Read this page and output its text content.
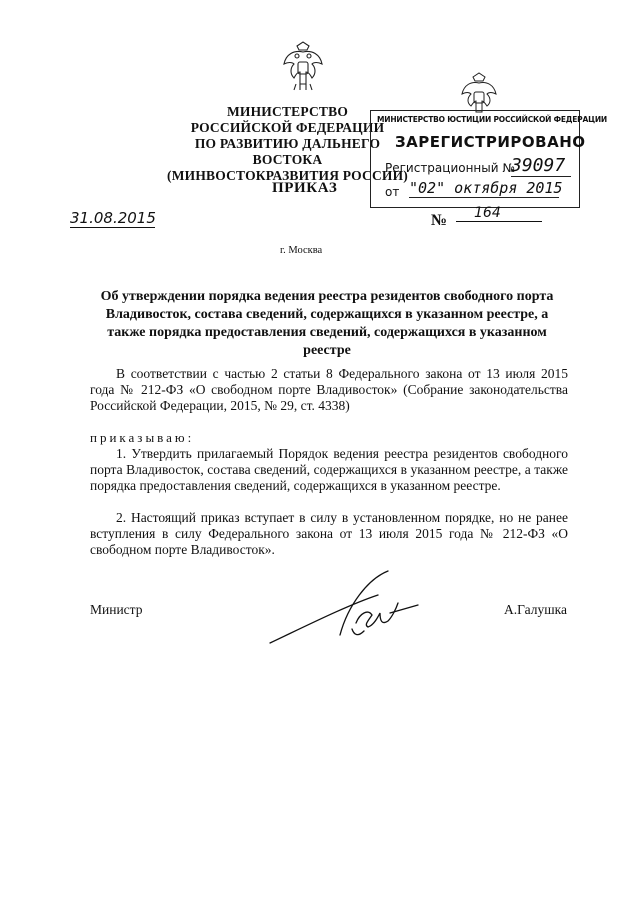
МИНИСТЕРСТВО
РОССИЙСКОЙ ФЕДЕРАЦИИ
ПО РАЗВИТИЮ ДАЛЬНЕГО ВОСТОКА
(МИНВОСТОКРАЗВИТИЯ РОССИИ)
МИНИСТЕРСТВО ЮСТИЦИИ РОССИЙСКОЙ ФЕДЕРАЦИИ
ЗАРЕГИСТРИРОВАНО
Регистрационный №
39097
от "02" октября 2015
ПРИКАЗ
31.08.2015	№	164
г. Москва
Об утверждении порядка ведения реестра резидентов свободного порта Владивосток, состава сведений, содержащихся в указанном реестре, а также порядка предоставления сведений, содержащихся в указанном реестре
В соответствии с частью 2 статьи 8 Федерального закона от 13 июля 2015 года № 212-ФЗ «О свободном порте Владивосток» (Собрание законодательства Российской Федерации, 2015, № 29, ст. 4338)
приказываю:
1. Утвердить прилагаемый Порядок ведения реестра резидентов свободного порта Владивосток, состава сведений, содержащихся в указанном реестре, а также порядка предоставления сведений, содержащихся в указанном реестре.
2. Настоящий приказ вступает в силу в установленном порядке, но не ранее вступления в силу Федерального закона от 13 июля 2015 года № 212-ФЗ «О свободном порте Владивосток».
Министр	А.Галушка
